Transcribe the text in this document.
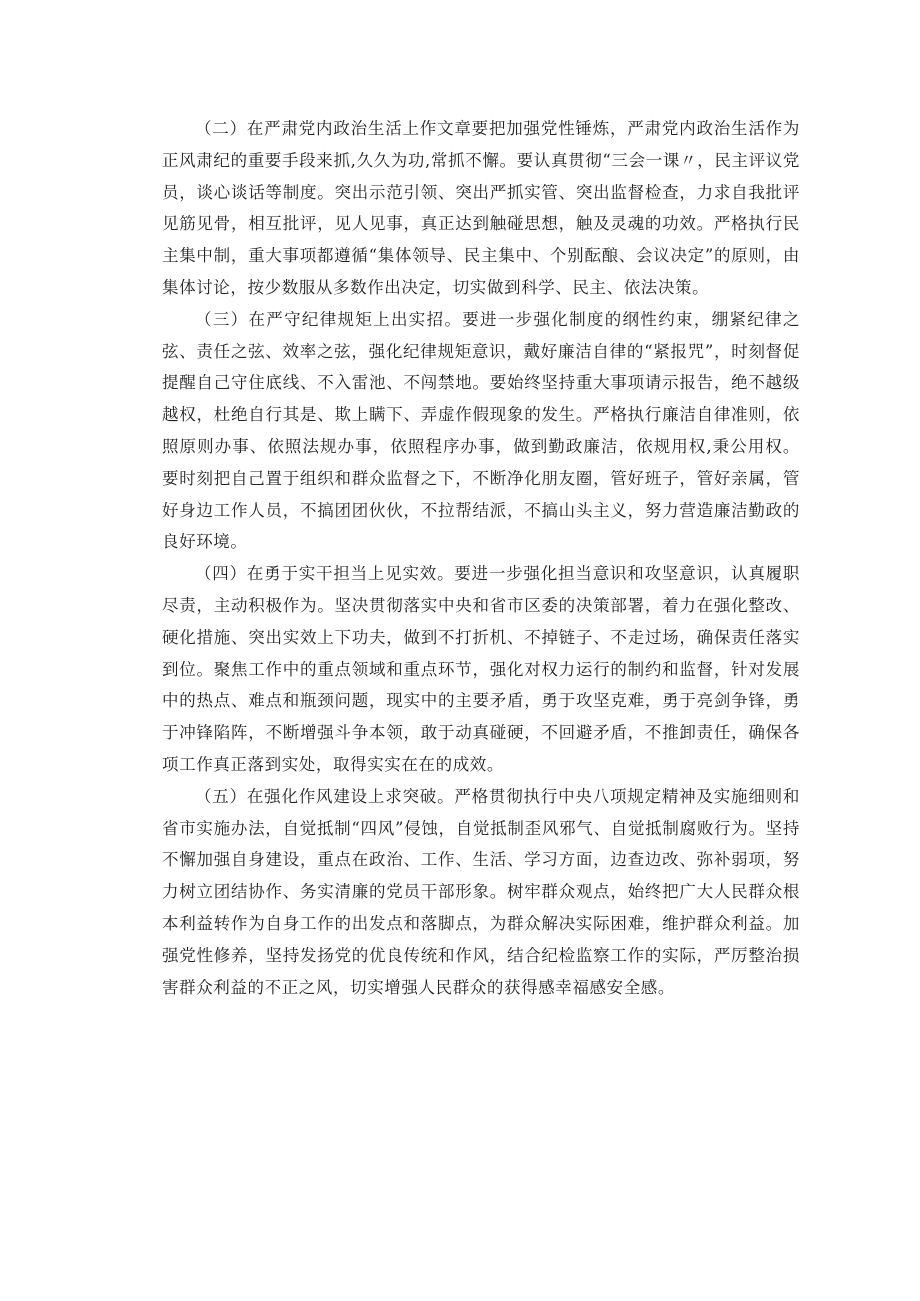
（二）在严肃党内政治生活上作文章要把加强党性锤炼，严肃党内政治生活作为正风肃纪的重要手段来抓,久久为功,常抓不懈。要认真贯彻“三会一课〃，民主评议党员，谈心谈话等制度。突出示范引领、突出严抓实管、突出监督检查，力求自我批评见筋见骨，相互批评，见人见事，真正达到触碰思想，触及灵魂的功效。严格执行民主集中制，重大事项都遵循“集体领导、民主集中、个别酝酿、会议决定”的原则，由集体讨论，按少数服从多数作出决定，切实做到科学、民主、依法决策。

（三）在严守纪律规矩上出实招。要进一步强化制度的纲性约束，绷紧纪律之弦、责任之弦、效率之弦，强化纪律规矩意识，戴好廉洁自律的“紧报咒”，时刻督促提醒自己守住底线、不入雷池、不闯禁地。要始终坚持重大事项请示报告，绝不越级越权，杜绝自行其是、欺上瞒下、弄虚作假现象的发生。严格执行廉洁自律准则，依照原则办事、依照法规办事，依照程序办事，做到勤政廉洁，依规用权,秉公用权。要时刻把自己置于组织和群众监督之下，不断净化朋友圈，管好班子，管好亲属，管好身边工作人员，不搞团团伙伙，不拉帮结派，不搞山头主义，努力营造廉洁勤政的良好环境。

（四）在勇于实干担当上见实效。要进一步强化担当意识和攻坚意识，认真履职尽责，主动积极作为。坚决贯彻落实中央和省市区委的决策部署，着力在强化整改、硬化措施、突出实效上下功夫，做到不打折机、不掉链子、不走过场，确保责任落实到位。聚焦工作中的重点领域和重点环节，强化对权力运行的制约和监督，针对发展中的热点、难点和瓶颈问题，现实中的主要矛盾，勇于攻坚克难，勇于亮剑争锋，勇于冲锋陷阵，不断增强斗争本领，敢于动真碰硬，不回避矛盾，不推卸责任，确保各项工作真正落到实处，取得实实在在的成效。

（五）在强化作风建设上求突破。严格贯彻执行中央八项规定精神及实施细则和省市实施办法，自觉抵制“四风”侵蚀，自觉抵制歪风邪气、自觉抵制腐败行为。坚持不懈加强自身建设，重点在政治、工作、生活、学习方面，边查边改、弥补弱项，努力树立团结协作、务实清廉的党员干部形象。树牢群众观点，始终把广大人民群众根本利益转作为自身工作的出发点和落脚点，为群众解决实际困难，维护群众利益。加强党性修养，坚持发扬党的优良传统和作风，结合纪检监察工作的实际，严厉整治损害群众利益的不正之风，切实增强人民群众的获得感幸福感安全感。
